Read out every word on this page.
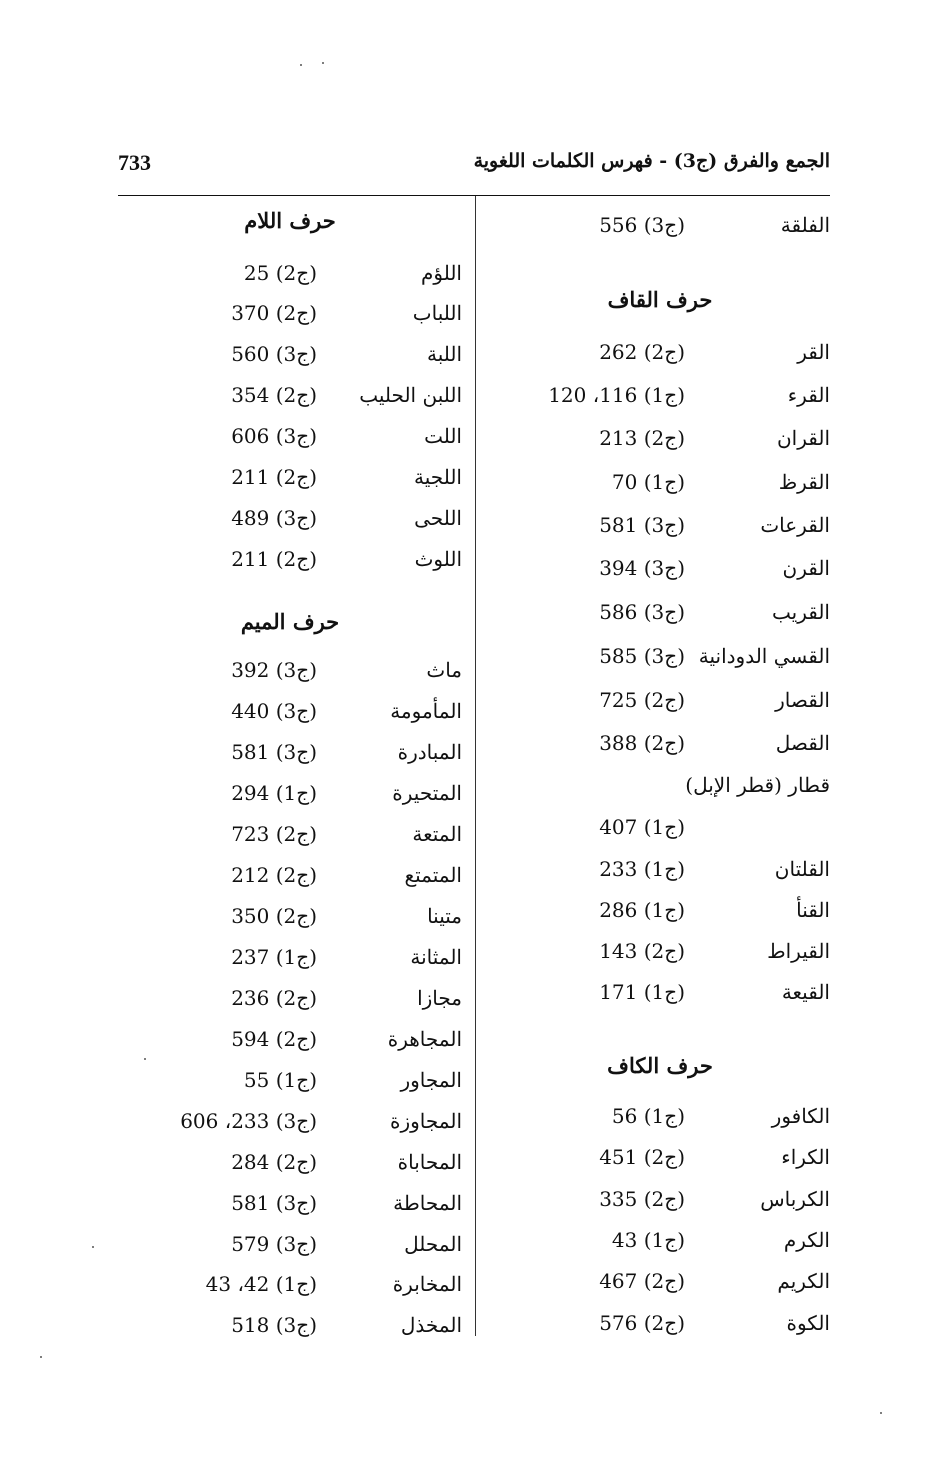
733	الجمع والفرق (ج3) - فهرس الكلمات اللغوية
الفلقة
(ج3) 556
حرف القاف
القر
(ج2) 262
القرء
(ج1) 116، 120
القران
(ج2) 213
القرظ
(ج1) 70
القرعات
(ج3) 581
القرن
(ج3) 394
القريب
(ج3) 586
القسي الدودانية
(ج3) 585
القصار
(ج2) 725
القصل
(ج2) 388
قطار (قطر الإبل)
(ج1) 407
القلتان
(ج1) 233
القنأ
(ج1) 286
القيراط
(ج2) 143
القيعة
(ج1) 171
حرف الكاف
الكافور
(ج1) 56
الكراء
(ج2) 451
الكرباس
(ج2) 335
الكرم
(ج1) 43
الكريم
(ج2) 467
الكوة
(ج2) 576
حرف اللام
اللؤم
(ج2) 25
اللباب
(ج2) 370
اللبة
(ج3) 560
اللبن الحليب
(ج2) 354
اللت
(ج3) 606
اللجية
(ج2) 211
اللحى
(ج3) 489
اللوث
(ج2) 211
حرف الميم
ماث
(ج3) 392
المأمومة
(ج3) 440
المبادرة
(ج3) 581
المتحيرة
(ج1) 294
المتعة
(ج2) 723
المتمتع
(ج2) 212
متينا
(ج2) 350
المثانة
(ج1) 237
مجازا
(ج2) 236
المجاهرة
(ج2) 594
المجاور
(ج1) 55
المجاوزة
(ج3) 233، 606
المحاباة
(ج2) 284
المحاطة
(ج3) 581
المحلل
(ج3) 579
المخابرة
(ج1) 42، 43
المخذل
(ج3) 518
